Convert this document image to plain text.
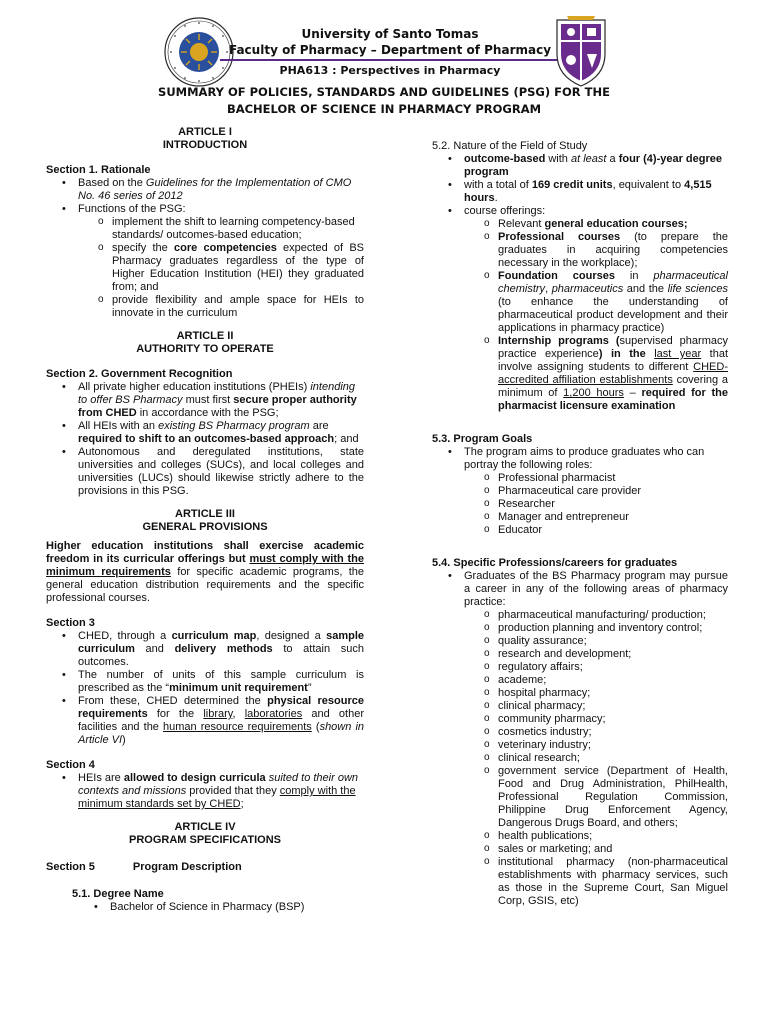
University of Santo Tomas
Faculty of Pharmacy – Department of Pharmacy
PHA613 : Perspectives in Pharmacy
SUMMARY OF POLICIES, STANDARDS AND GUIDELINES (PSG) FOR THE
BACHELOR OF SCIENCE IN PHARMACY PROGRAM
ARTICLE I
INTRODUCTION
Section 1. Rationale
• Based on the Guidelines for the Implementation of CMO No. 46 series of 2012
• Functions of the PSG:
o implement the shift to learning competency-based standards/ outcomes-based education;
o specify the core competencies expected of BS Pharmacy graduates regardless of the type of Higher Education Institution (HEI) they graduated from; and
o provide flexibility and ample space for HEIs to innovate in the curriculum
ARTICLE II
AUTHORITY TO OPERATE
Section 2. Government Recognition
• All private higher education institutions (PHEIs) intending to offer BS Pharmacy must first secure proper authority from CHED in accordance with the PSG;
• All HEIs with an existing BS Pharmacy program are required to shift to an outcomes-based approach; and
• Autonomous and deregulated institutions, state universities and colleges (SUCs), and local colleges and universities (LUCs) should likewise strictly adhere to the provisions in this PSG.
ARTICLE III
GENERAL PROVISIONS

Higher education institutions shall exercise academic freedom in its curricular offerings but must comply with the minimum requirements for specific academic programs, the general education distribution requirements and the specific professional courses.

Section 3
• CHED, through a curriculum map, designed a sample curriculum and delivery methods to attain such outcomes.
• The number of units of this sample curriculum is prescribed as the “minimum unit requirement”
• From these, CHED determined the physical resource requirements for the library, laboratories and other facilities and the human resource requirements (shown in Article VI)
Section 4
• HEIs are allowed to design curricula suited to their own contexts and missions provided that they comply with the minimum standards set by CHED;
ARTICLE IV
PROGRAM SPECIFICATIONS
Section 5	Program Description
5.1. Degree Name
• Bachelor of Science in Pharmacy (BSP)
5.2. Nature of the Field of Study
• outcome-based with at least a four (4)-year degree program
• with a total of 169 credit units, equivalent to 4,515 hours.
• course offerings:
o Relevant general education courses;
o Professional courses (to prepare the graduates in acquiring competencies necessary in the workplace);
o Foundation courses in pharmaceutical chemistry, pharmaceutics and the life sciences (to enhance the understanding of pharmaceutical product development and their applications in pharmacy practice)
o Internship programs (supervised pharmacy practice experience) in the last year that involve assigning students to different CHED-accredited affiliation establishments covering a minimum of 1,200 hours – required for the pharmacist licensure examination
5.3. Program Goals
• The program aims to produce graduates who can portray the following roles:
o Professional pharmacist
o Pharmaceutical care provider
o Researcher
o Manager and entrepreneur
o Educator
5.4. Specific Professions/careers for graduates
• Graduates of the BS Pharmacy program may pursue a career in any of the following areas of pharmacy practice:
o pharmaceutical manufacturing/ production;
o production planning and inventory control;
o quality assurance;
o research and development;
o regulatory affairs;
o academe;
o hospital pharmacy;
o clinical pharmacy;
o community pharmacy;
o cosmetics industry;
o veterinary industry;
o clinical research;
o government service (Department of Health, Food and Drug Administration, PhilHealth, Professional Regulation Commission, Philippine Drug Enforcement Agency, Dangerous Drugs Board, and others;
o health publications;
o sales or marketing; and
o institutional pharmacy (non-pharmaceutical establishments with pharmacy services, such as those in the Supreme Court, San Miguel Corp, GSIS, etc)
